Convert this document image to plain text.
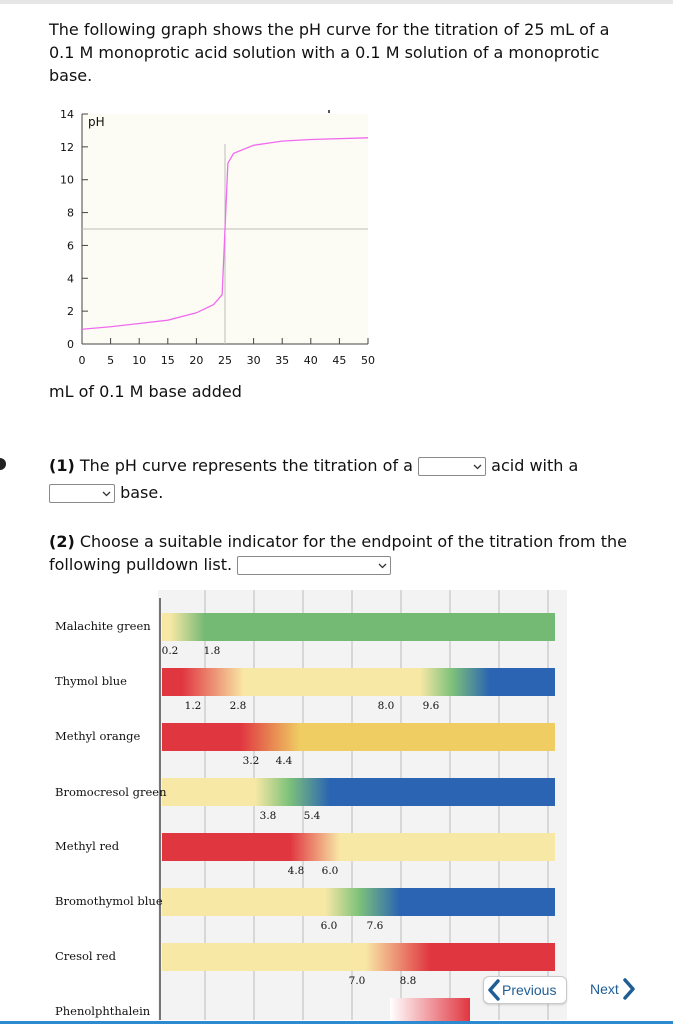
The following graph shows the pH curve for the titration of 25 mL of a 0.1 M monoprotic acid solution with a 0.1 M solution of a monoprotic base.

14
12
10
8
6
4
2
0
0 5 10 15 20 25 30 35 40 45 50
pH

mL of 0.1 M base added

(1) The pH curve represents the titration of a	acid with a

base.

(2) Choose a suitable indicator for the endpoint of the titration from the following pulldown list.

Malachite green
Thymol blue
Methyl orange
Bromocresol green
Methyl red
Bromothymol blue
Cresol red
Phenolphthalein
0.2 1.8
1.2	2.8	8.0	9.6
3.2 4.4
3.8	5.4
4.8 6.0
6.0	7.6
7.0	8.8
Previous Next
